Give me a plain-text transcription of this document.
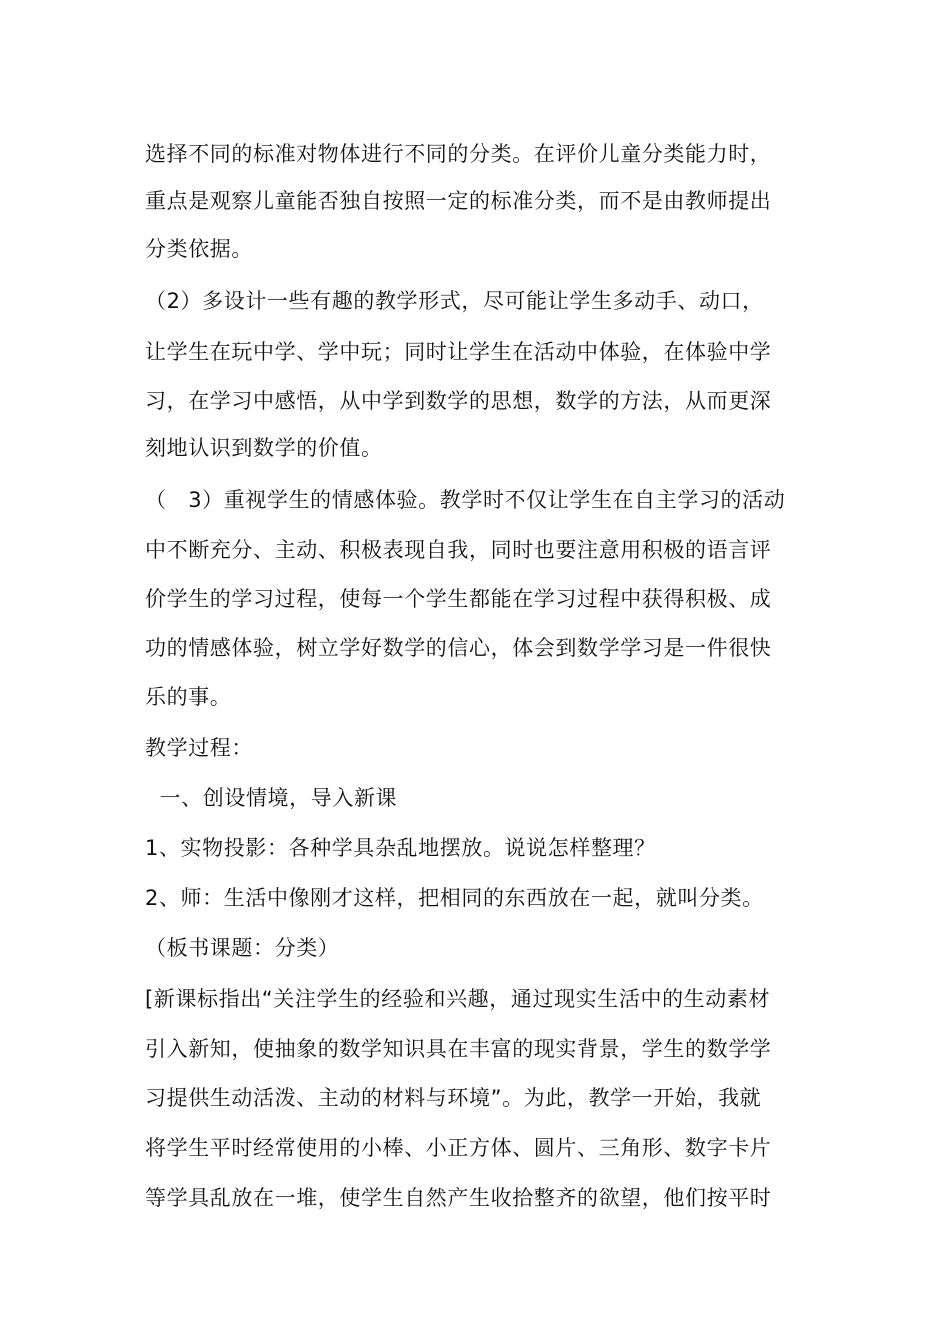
选择不同的标准对物体进行不同的分类。在评价儿童分类能力时，
重点是观察儿童能否独自按照一定的标准分类，而不是由教师提出
分类依据。
（2）多设计一些有趣的教学形式，尽可能让学生多动手、动口，
让学生在玩中学、学中玩；同时让学生在活动中体验，在体验中学
习，在学习中感悟，从中学到数学的思想，数学的方法，从而更深
刻地认识到数学的价值。
（　3）重视学生的情感体验。教学时不仅让学生在自主学习的活动
中不断充分、主动、积极表现自我，同时也要注意用积极的语言评
价学生的学习过程，使每一个学生都能在学习过程中获得积极、成
功的情感体验，树立学好数学的信心，体会到数学学习是一件很快
乐的事。
教学过程：
一、创设情境，导入新课
1、实物投影：各种学具杂乱地摆放。说说怎样整理？
2、师：生活中像刚才这样，把相同的东西放在一起，就叫分类。
（板书课题：分类）
[新课标指出“关注学生的经验和兴趣，通过现实生活中的生动素材
引入新知，使抽象的数学知识具在丰富的现实背景，学生的数学学
习提供生动活泼、主动的材料与环境”。为此，教学一开始，我就
将学生平时经常使用的小棒、小正方体、圆片、三角形、数字卡片
等学具乱放在一堆，使学生自然产生收拾整齐的欲望，他们按平时
